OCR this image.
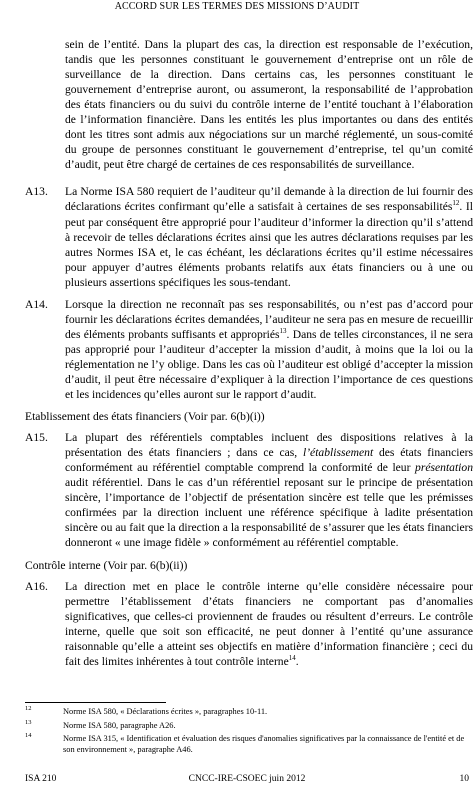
ACCORD SUR LES TERMES DES MISSIONS D’AUDIT
sein de l’entité. Dans la plupart des cas, la direction est responsable de l’exécution, tandis que les personnes constituant le gouvernement d’entreprise ont un rôle de surveillance de la direction. Dans certains cas, les personnes constituant le gouvernement d’entreprise auront, ou assumeront, la responsabilité de l’approbation des états financiers ou du suivi du contrôle interne de l’entité touchant à l’élaboration de l’information financière. Dans les entités les plus importantes ou dans des entités dont les titres sont admis aux négociations sur un marché réglementé, un sous-comité du groupe de personnes constituant le gouvernement d’entreprise, tel qu’un comité d’audit, peut être chargé de certaines de ces responsabilités de surveillance.
A13. La Norme ISA 580 requiert de l’auditeur qu’il demande à la direction de lui fournir des déclarations écrites confirmant qu’elle a satisfait à certaines de ses responsabilités$^{12}$. Il peut par conséquent être approprié pour l’auditeur d’informer la direction qu’il s’attend à recevoir de telles déclarations écrites ainsi que les autres déclarations requises par les autres Normes ISA et, le cas échéant, les déclarations écrites qu’il estime nécessaires pour appuyer d’autres éléments probants relatifs aux états financiers ou à une ou plusieurs assertions spécifiques les sous-tendant.
A14. Lorsque la direction ne reconnaît pas ses responsabilités, ou n’est pas d’accord pour fournir les déclarations écrites demandées, l’auditeur ne sera pas en mesure de recueillir des éléments probants suffisants et appropriés$^{13}$. Dans de telles circonstances, il ne sera pas approprié pour l’auditeur d’accepter la mission d’audit, à moins que la loi ou la réglementation ne l’y oblige. Dans les cas où l’auditeur est obligé d’accepter la mission d’audit, il peut être nécessaire d’expliquer à la direction l’importance de ces questions et les incidences qu’elles auront sur le rapport d’audit.
Etablissement des états financiers (Voir par. 6(b)(i))
A15. La plupart des référentiels comptables incluent des dispositions relatives à la présentation des états financiers ; dans ce cas, l’établissement des états financiers conformément au référentiel comptable comprend la conformité de leur présentation audit référentiel. Dans le cas d’un référentiel reposant sur le principe de présentation sincère, l’importance de l’objectif de présentation sincère est telle que les prémisses confirmées par la direction incluent une référence spécifique à ladite présentation sincère ou au fait que la direction a la responsabilité de s’assurer que les états financiers donneront « une image fidèle » conformément au référentiel comptable.
Contrôle interne (Voir par. 6(b)(ii))
A16. La direction met en place le contrôle interne qu’elle considère nécessaire pour permettre l’établissement d’états financiers ne comportant pas d’anomalies significatives, que celles-ci proviennent de fraudes ou résultent d’erreurs. Le contrôle interne, quelle que soit son efficacité, ne peut donner à l’entité qu’une assurance raisonnable qu’elle a atteint ses objectifs en matière d’information financière ; ceci du fait des limites inhérentes à tout contrôle interne$^{14}$.
12	Norme ISA 580, « Déclarations écrites », paragraphes 10-11.
13	Norme ISA 580, paragraphe A26.
14	Norme ISA 315, « Identification et évaluation des risques d'anomalies significatives par la connaissance de l'entité et de son environnement », paragraphe A46.
ISA 210	CNCC-IRE-CSOEC juin 2012	10
